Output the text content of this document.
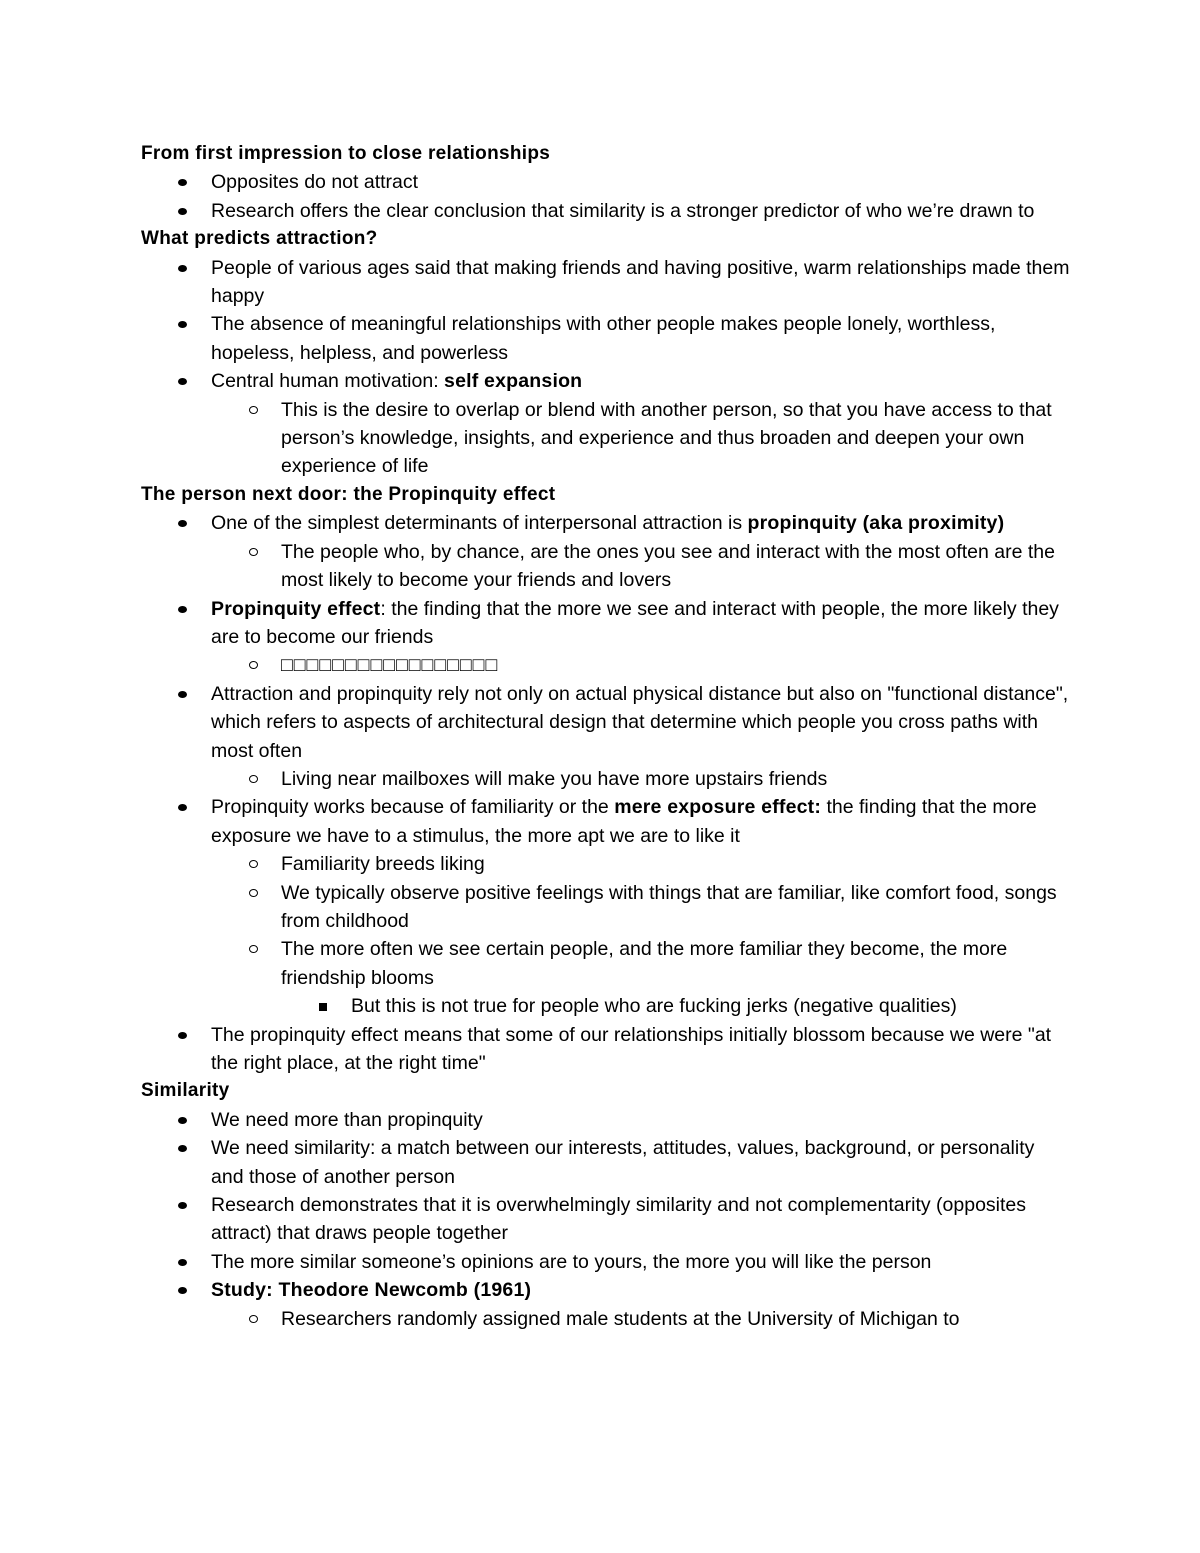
From first impression to close relationships
Opposites do not attract
Research offers the clear conclusion that similarity is a stronger predictor of who we’re drawn to
What predicts attraction?
People of various ages said that making friends and having positive, warm relationships made them happy
The absence of meaningful relationships with other people makes people lonely, worthless, hopeless, helpless, and powerless
Central human motivation: self expansion
This is the desire to overlap or blend with another person, so that you have access to that person’s knowledge, insights, and experience and thus broaden and deepen your own experience of life
The person next door: the Propinquity effect
One of the simplest determinants of interpersonal attraction is propinquity (aka proximity)
The people who, by chance, are the ones you see and interact with the most often are the most likely to become your friends and lovers
Propinquity effect: the finding that the more we see and interact with people, the more likely they are to become our friends
□□□□□□□□□□□□□□□□□
Attraction and propinquity rely not only on actual physical distance but also on "functional distance", which refers to aspects of architectural design that determine which people you cross paths with most often
Living near mailboxes will make you have more upstairs friends
Propinquity works because of familiarity or the mere exposure effect: the finding that the more exposure we have to a stimulus, the more apt we are to like it
Familiarity breeds liking
We typically observe positive feelings with things that are familiar, like comfort food, songs from childhood
The more often we see certain people, and the more familiar they become, the more friendship blooms
But this is not true for people who are fucking jerks (negative qualities)
The propinquity effect means that some of our relationships initially blossom because we were "at the right place, at the right time"
Similarity
We need more than propinquity
We need similarity: a match between our interests, attitudes, values, background, or personality and those of another person
Research demonstrates that it is overwhelmingly similarity and not complementarity (opposites attract) that draws people together
The more similar someone’s opinions are to yours, the more you will like the person
Study: Theodore Newcomb (1961)
Researchers randomly assigned male students at the University of Michigan to
